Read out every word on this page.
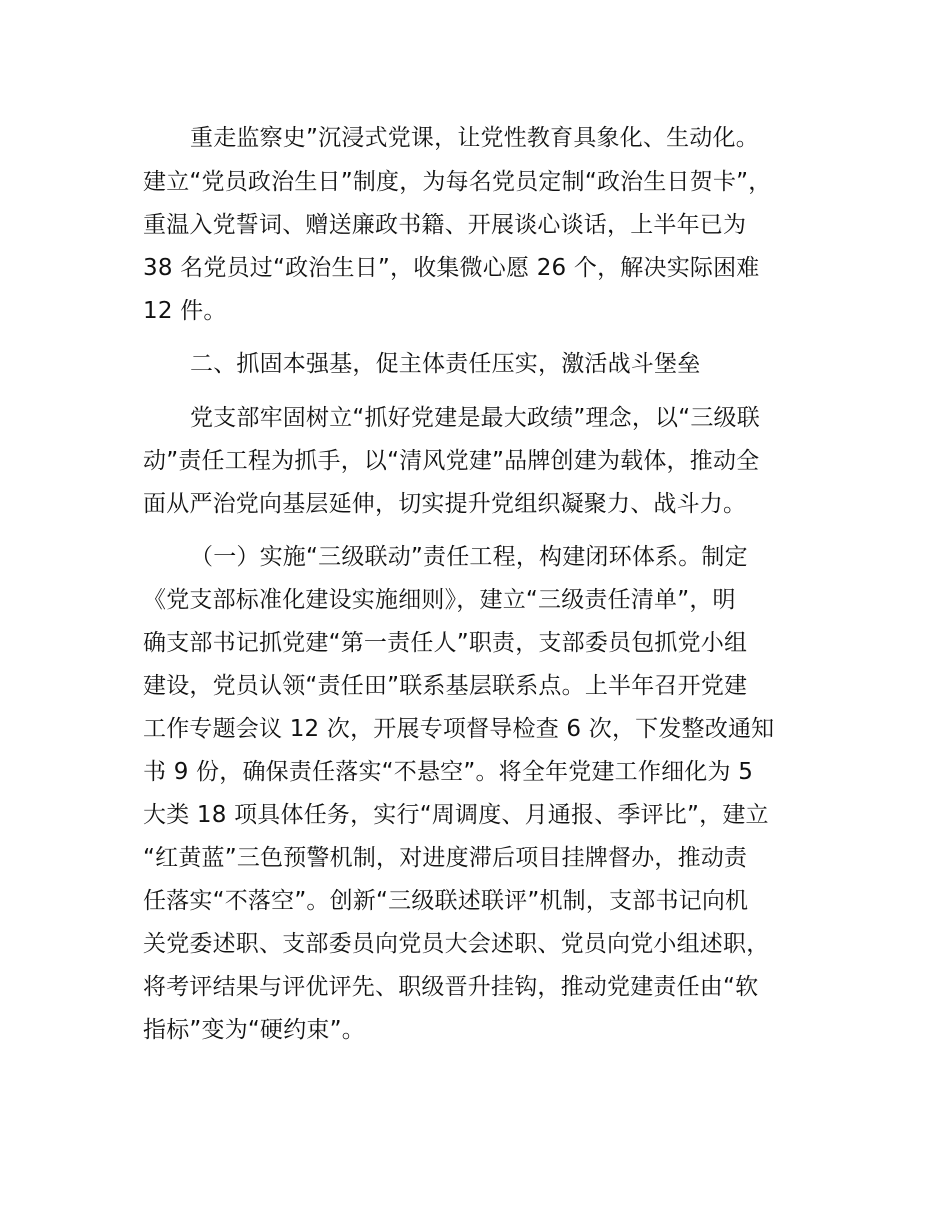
重走监察史”沉浸式党课，让党性教育具象化、生动化。
建立“党员政治生日”制度，为每名党员定制“政治生日贺卡”，
重温入党誓词、赠送廉政书籍、开展谈心谈话，上半年已为
38 名党员过“政治生日”，收集微心愿 26 个，解决实际困难
12 件。
二、抓固本强基，促主体责任压实，激活战斗堡垒
党支部牢固树立“抓好党建是最大政绩”理念，以“三级联
动”责任工程为抓手，以“清风党建”品牌创建为载体，推动全
面从严治党向基层延伸，切实提升党组织凝聚力、战斗力。
（一）实施“三级联动”责任工程，构建闭环体系。制定
《党支部标准化建设实施细则》，建立“三级责任清单”，明
确支部书记抓党建“第一责任人”职责，支部委员包抓党小组
建设，党员认领“责任田”联系基层联系点。上半年召开党建
工作专题会议 12 次，开展专项督导检查 6 次，下发整改通知
书 9 份，确保责任落实“不悬空”。将全年党建工作细化为 5
大类 18 项具体任务，实行“周调度、月通报、季评比”，建立
“红黄蓝”三色预警机制，对进度滞后项目挂牌督办，推动责
任落实“不落空”。创新“三级联述联评”机制，支部书记向机
关党委述职、支部委员向党员大会述职、党员向党小组述职，
将考评结果与评优评先、职级晋升挂钩，推动党建责任由“软
指标”变为“硬约束”。
